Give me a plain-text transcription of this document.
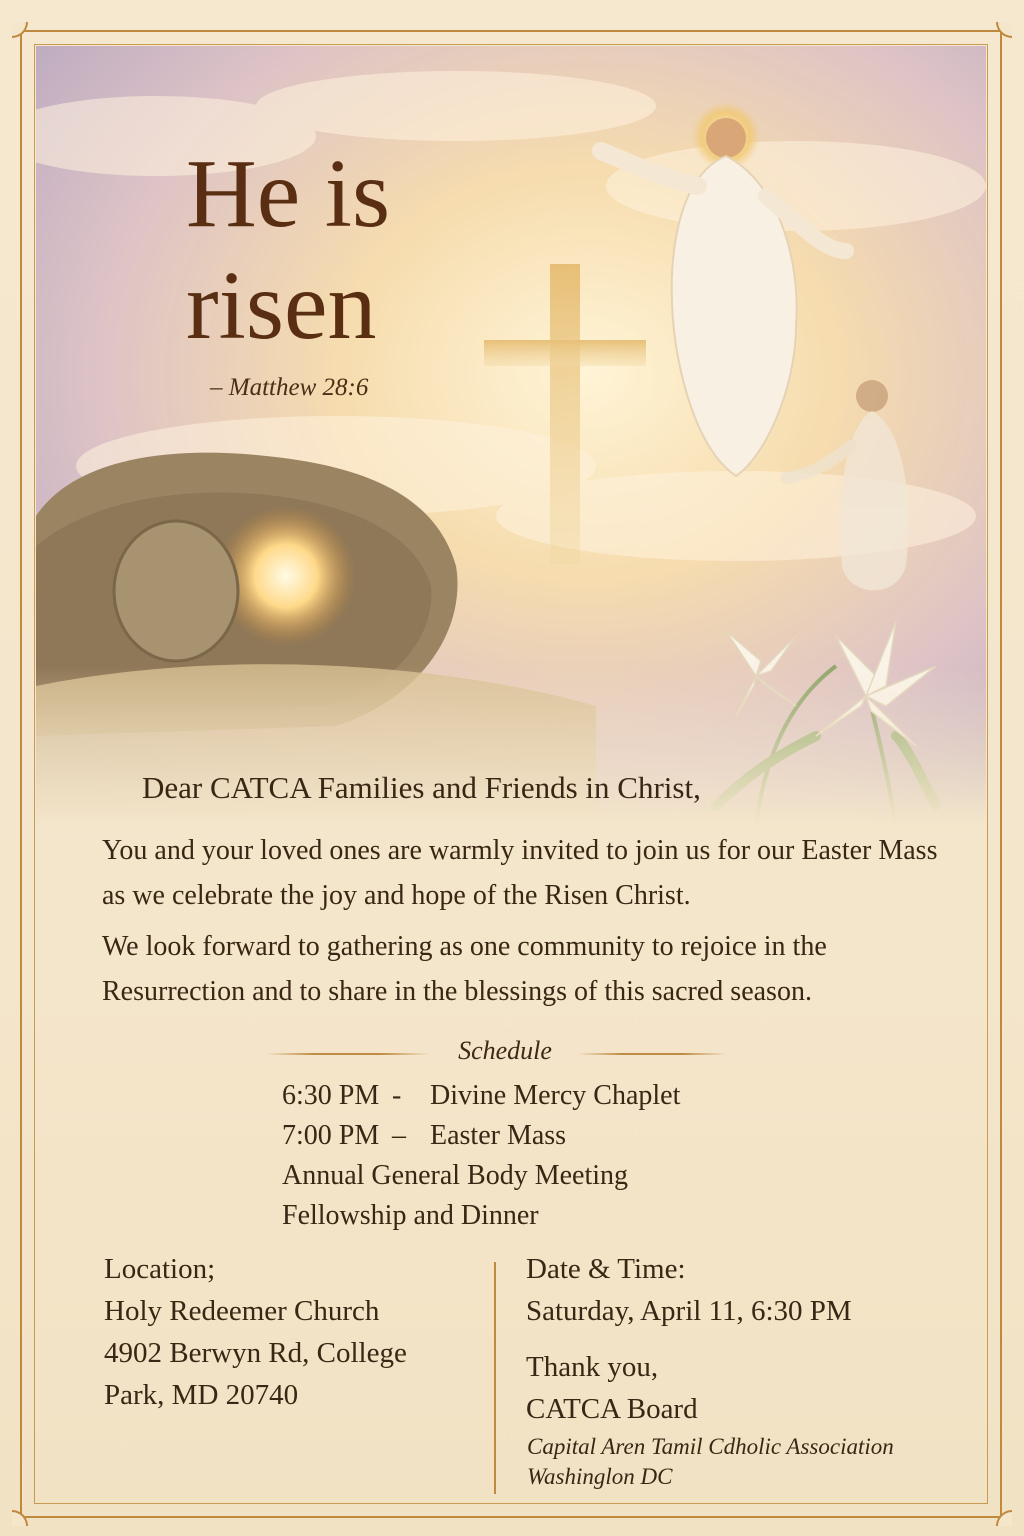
He is
risen
– Matthew 28:6
Dear CATCA Families and Friends in Christ,
You and your loved ones are warmly invited to join us for our Easter Mass as we celebrate the joy and hope of the Risen Christ.
We look forward to gathering as one community to rejoice in the Resurrection and to share in the blessings of this sacred season.
Schedule
6:30 PM - Divine Mercy Chaplet
7:00 PM – Easter Mass
Annual General Body Meeting
Fellowship and Dinner
Location;
Holy Redeemer Church
4902 Berwyn Rd, College
Park, MD 20740
Date & Time:
Saturday, April 11, 6:30 PM
Thank you,
CATCA Board
Capital Aren Tamil Cdholic Association
Washinglon DC
